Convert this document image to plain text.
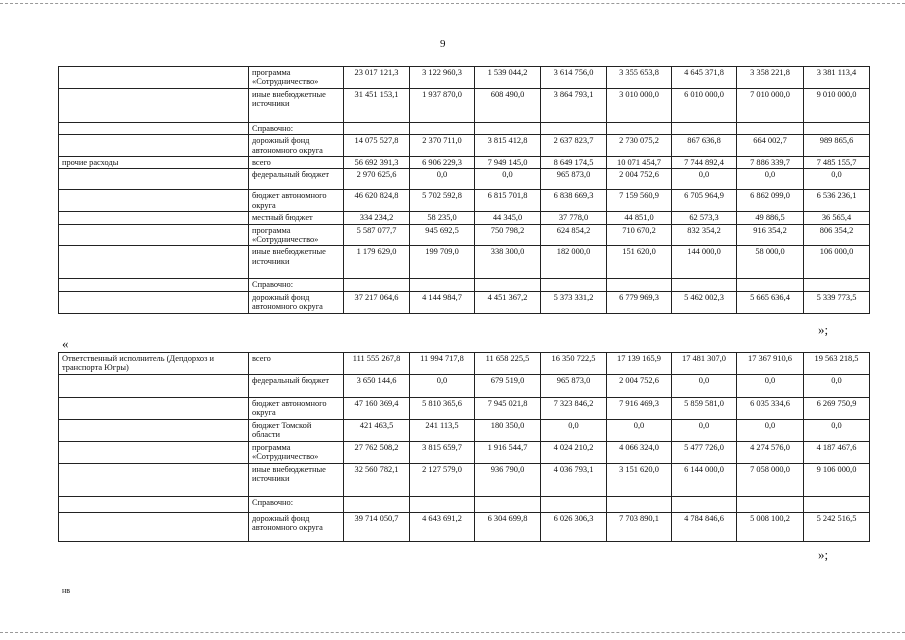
9
	программа «Сотрудничество»	23 017 121,3	3 122 960,3	1 539 044,2	3 614 756,0	3 355 653,8	4 645 371,8	3 358 221,8	3 381 113,4
	иные внебюджетные источники	31 451 153,1	1 937 870,0	608 490,0	3 864 793,1	3 010 000,0	6 010 000,0	7 010 000,0	9 010 000,0
	Справочно:								
	дорожный фонд автономного округа	14 075 527,8	2 370 711,0	3 815 412,8	2 637 823,7	2 730 075,2	867 636,8	664 002,7	989 865,6
прочие расходы	всего	56 692 391,3	6 906 229,3	7 949 145,0	8 649 174,5	10 071 454,7	7 744 892,4	7 886 339,7	7 485 155,7
	федеральный бюджет	2 970 625,6	0,0	0,0	965 873,0	2 004 752,6	0,0	0,0	0,0
	бюджет автономного округа	46 620 824,8	5 702 592,8	6 815 701,8	6 838 669,3	7 159 560,9	6 705 964,9	6 862 099,0	6 536 236,1
	местный бюджет	334 234,2	58 235,0	44 345,0	37 778,0	44 851,0	62 573,3	49 886,5	36 565,4
	программа «Сотрудничество»	5 587 077,7	945 692,5	750 798,2	624 854,2	710 670,2	832 354,2	916 354,2	806 354,2
	иные внебюджетные источники	1 179 629,0	199 709,0	338 300,0	182 000,0	151 620,0	144 000,0	58 000,0	106 000,0
	Справочно:								
	дорожный фонд автономного округа	37 217 064,6	4 144 984,7	4 451 367,2	5 373 331,2	6 779 969,3	5 462 002,3	5 665 636,4	5 339 773,5
»;
«
Ответственный исполнитель (Депдорхоз и транспорта Югры)	всего	111 555 267,8	11 994 717,8	11 658 225,5	16 350 722,5	17 139 165,9	17 481 307,0	17 367 910,6	19 563 218,5
	федеральный бюджет	3 650 144,6	0,0	679 519,0	965 873,0	2 004 752,6	0,0	0,0	0,0
	бюджет автономного округа	47 160 369,4	5 810 365,6	7 945 021,8	7 323 846,2	7 916 469,3	5 859 581,0	6 035 334,6	6 269 750,9
	бюджет Томской области	421 463,5	241 113,5	180 350,0	0,0	0,0	0,0	0,0	0,0
	программа «Сотрудничество»	27 762 508,2	3 815 659,7	1 916 544,7	4 024 210,2	4 066 324,0	5 477 726,0	4 274 576,0	4 187 467,6
	иные внебюджетные источники	32 560 782,1	2 127 579,0	936 790,0	4 036 793,1	3 151 620,0	6 144 000,0	7 058 000,0	9 106 000,0
	Справочно:								
	дорожный фонд автономного округа	39 714 050,7	4 643 691,2	6 304 699,8	6 026 306,3	7 703 890,1	4 784 846,6	5 008 100,2	5 242 516,5
»;
нв
